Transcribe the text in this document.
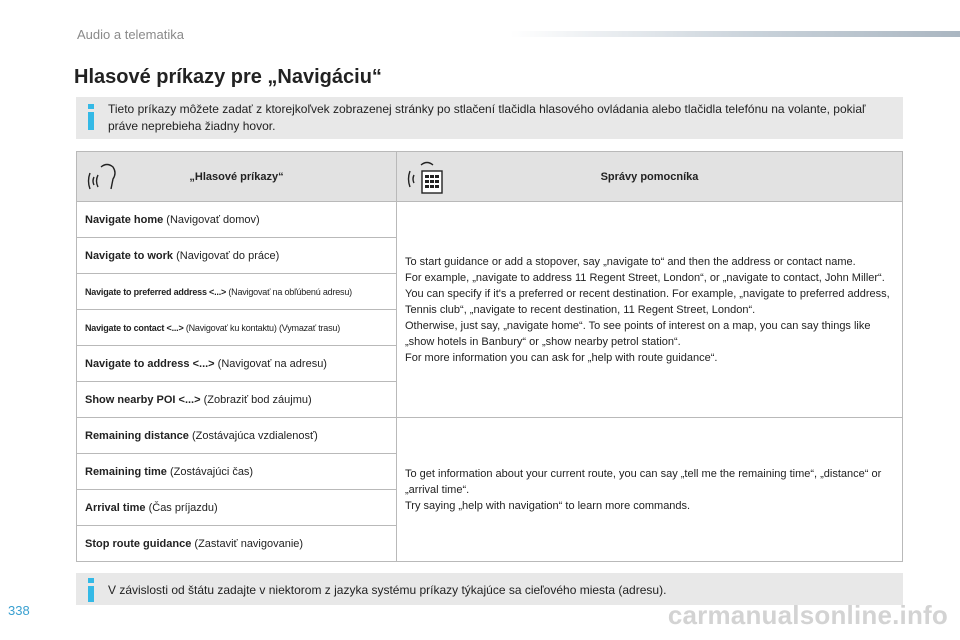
Audio a telematika
Hlasové príkazy pre „Navigáciu“
Tieto príkazy môžete zadať z ktorejkoľvek zobrazenej stránky po stlačení tlačidla hlasového ovládania alebo tlačidla telefónu na volante, pokiaľ práve neprebieha žiadny hovor.
„Hlasové príkazy“	Správy pomocníka

Navigate home (Navigovať domov)	To start guidance or add a stopover, say „navigate to“ and then the address or contact name.
For example, „navigate to address 11 Regent Street, London“, or „navigate to contact, John Miller“.
You can specify if it's a preferred or recent destination. For example, „navigate to preferred address, Tennis club“, „navigate to recent destination, 11 Regent Street, London“.
Otherwise, just say, „navigate home“. To see points of interest on a map, you can say things like „show hotels in Banbury“ or „show nearby petrol station“.
For more information you can ask for „help with route guidance“.
Navigate to work (Navigovať do práce)	
Navigate to preferred address <...> (Navigovať na obľúbenú adresu)	
Navigate to contact <...> (Navigovať ku kontaktu) (Vymazať trasu)	
Navigate to address <...> (Navigovať na adresu)	
Show nearby POI <...> (Zobraziť bod záujmu)	
Remaining distance (Zostávajúca vzdialenosť)	To get information about your current route, you can say „tell me the remaining time“, „distance“ or „arrival time“.
Try saying „help with navigation“ to learn more commands.
Remaining time (Zostávajúci čas)	
Arrival time (Čas príjazdu)	
Stop route guidance (Zastaviť navigovanie)	
V závislosti od štátu zadajte v niektorom z jazyka systému príkazy týkajúce sa cieľového miesta (adresu).
338	carmanualsonline.info
